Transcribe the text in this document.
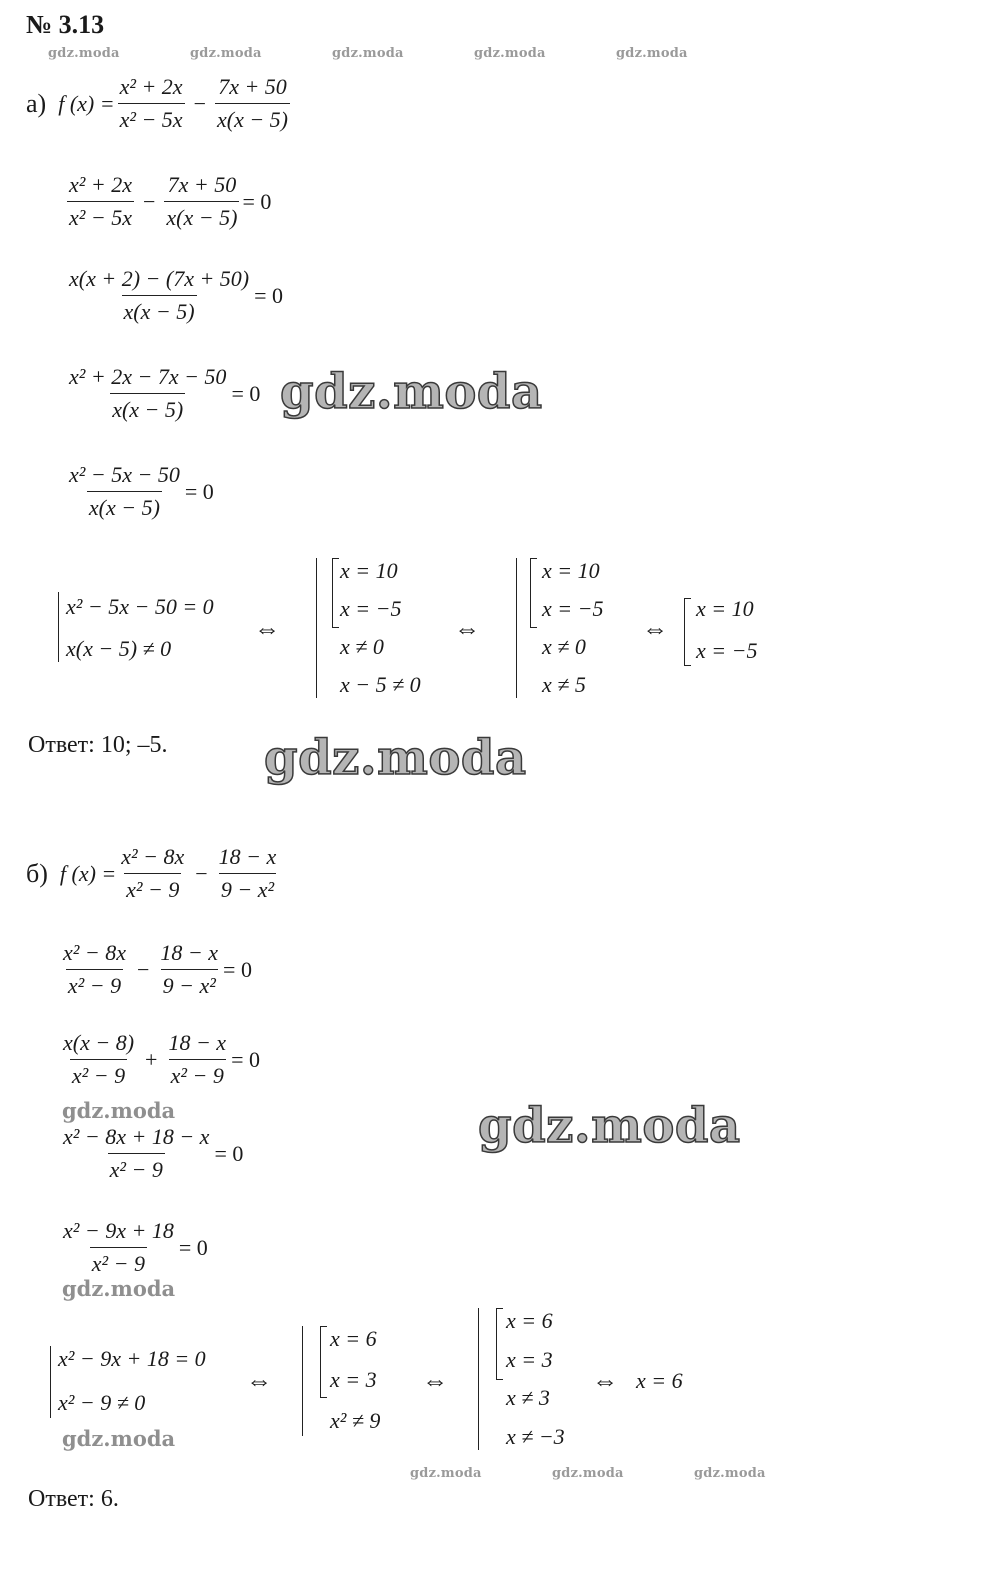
№ 3.13
gdz.moda	gdz.moda	gdz.moda	gdz.moda	gdz.moda
а) f $(x) = \frac{\text{x² + 2x}}{\text{x² − 5x}} - \frac{7x + 50}{x(x - 5)}$
$\frac{\text{x² + 2x}}{\text{x² − 5x}} - \frac{7x + 50}{x(x - 5)} = 0$
$\frac{x(x + 2) - (7x + 50)}{x(x - 5)} = 0$
$\frac{\text{x² + 2x − 7x − 50}}{x(x - 5)} = 0$ gdz.moda
$\frac{\text{x² − 5x − 50}}{x(x - 5)} = 0$
x² − 5x − 50 = 0
x(x − 5) ≠ 0
⇔
x = 10
x = −5
x ≠ 0
x − 5 ≠ 0
⇔
x = 10
x = −5
x ≠ 0
x ≠ 5
⇔
x = 10
x = −5
Ответ: 10; –5. gdz.moda
б) f $(x) = \frac{\text{x² − 8x}}{\text{x² − 9}} - \frac{18 - x}{\text{9 − x²}}$
$\frac{\text{x² − 8x}}{\text{x² − 9}} - \frac{18 - x}{\text{9 − x²}} = 0$
$\frac{x(x - 8)}{\text{x² − 9}} + \frac{18 - x}{\text{x² − 9}} = 0$
gdz.moda
$\frac{\text{x² − 8x + 18 − x}}{\text{x² − 9}} = 0$	gdz.moda
$\frac{\text{x² − 9x + 18}}{\text{x² − 9}} = 0$
gdz.moda
x² − 9x + 18 = 0
x² − 9 ≠ 0
gdz.moda
⇔
x = 6
x = 3
x² ≠ 9
⇔
x = 6
x = 3
x ≠ 3
x ≠ −3
⇔ x = 6
gdz.moda	gdz.moda	gdz.moda
Ответ: 6.
